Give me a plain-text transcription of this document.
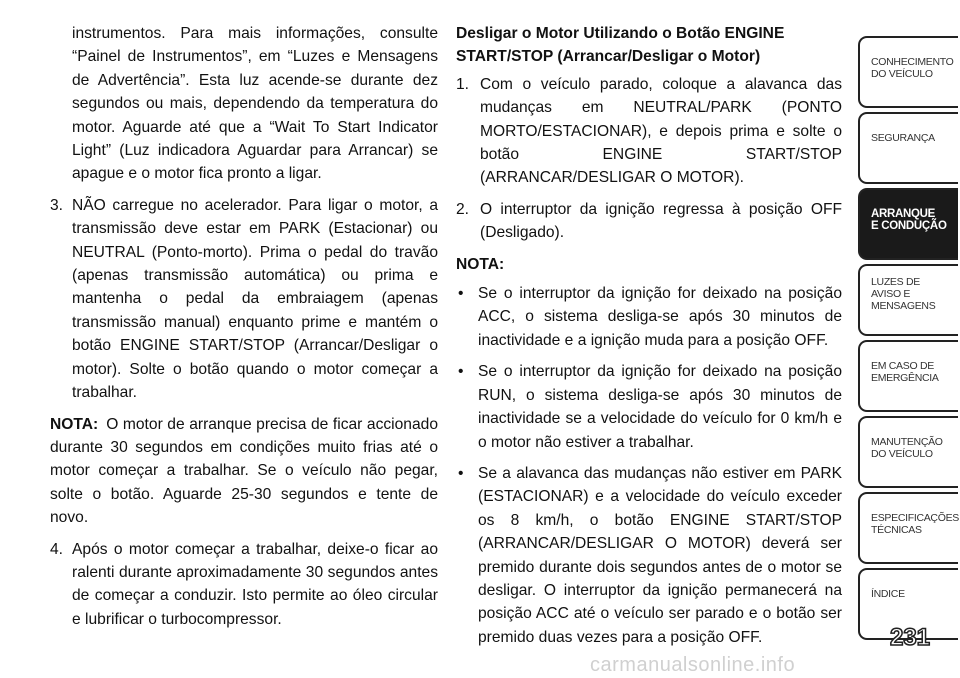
instrumentos. Para mais informações, consulte “Painel de Instrumentos”, em “Luzes e Mensagens de Advertência”. Esta luz acende-se durante dez segundos ou mais, dependendo da temperatura do motor. Aguarde até que a “Wait To Start Indicator Light” (Luz indicadora Aguardar para Arrancar) se apague e o motor fica pronto a ligar.

3. NÃO carregue no acelerador. Para ligar o motor, a transmissão deve estar em PARK (Estacionar) ou NEUTRAL (Ponto-morto). Prima o pedal do travão (apenas transmissão automática) ou prima e mantenha o pedal da embraiagem (apenas transmissão manual) enquanto prime e mantém o botão ENGINE START/STOP (Arrancar/Desligar o motor). Solte o botão quando o motor começar a trabalhar.

NOTA: O motor de arranque precisa de ficar accionado durante 30 segundos em condições muito frias até o motor começar a trabalhar. Se o veículo não pegar, solte o botão. Aguarde 25-30 segundos e tente de novo.

4. Após o motor começar a trabalhar, deixe-o ficar ao ralenti durante aproximadamente 30 segundos antes de começar a conduzir. Isto permite ao óleo circular e lubrificar o turbocompressor.

Desligar o Motor Utilizando o Botão ENGINE START/STOP (Arrancar/Desligar o Motor)

1. Com o veículo parado, coloque a alavanca das mudanças em NEUTRAL/PARK (PONTO MORTO/ESTACIONAR), e depois prima e solte o botão ENGINE START/STOP (ARRANCAR/DESLIGAR O MOTOR).
2. O interruptor da ignição regressa à posição OFF (Desligado).

NOTA:

• Se o interruptor da ignição for deixado na posição ACC, o sistema desliga-se após 30 minutos de inactividade e a ignição muda para a posição OFF.
• Se o interruptor da ignição for deixado na posição RUN, o sistema desliga-se após 30 minutos de inactividade se a velocidade do veículo for 0 km/h e o motor não estiver a trabalhar.
• Se a alavanca das mudanças não estiver em PARK (ESTACIONAR) e a velocidade do veículo exceder os 8 km/h, o botão ENGINE START/STOP (ARRANCAR/DESLIGAR O MOTOR) deverá ser premido durante dois segundos antes de o motor se desligar. O interruptor da ignição permanecerá na posição ACC até o veículo ser parado e o botão ser premido duas vezes para a posição OFF.
CONHECIMENTO
DO VEÍCULO
SEGURANÇA
ARRANQUE
E CONDUÇÃO
LUZES DE
AVISO E
MENSAGENS
EM CASO DE
EMERGÊNCIA
MANUTENÇÃO
DO VEÍCULO
ESPECIFICAÇÕES
TÉCNICAS
ÍNDICE
231
carmanualsonline.info
